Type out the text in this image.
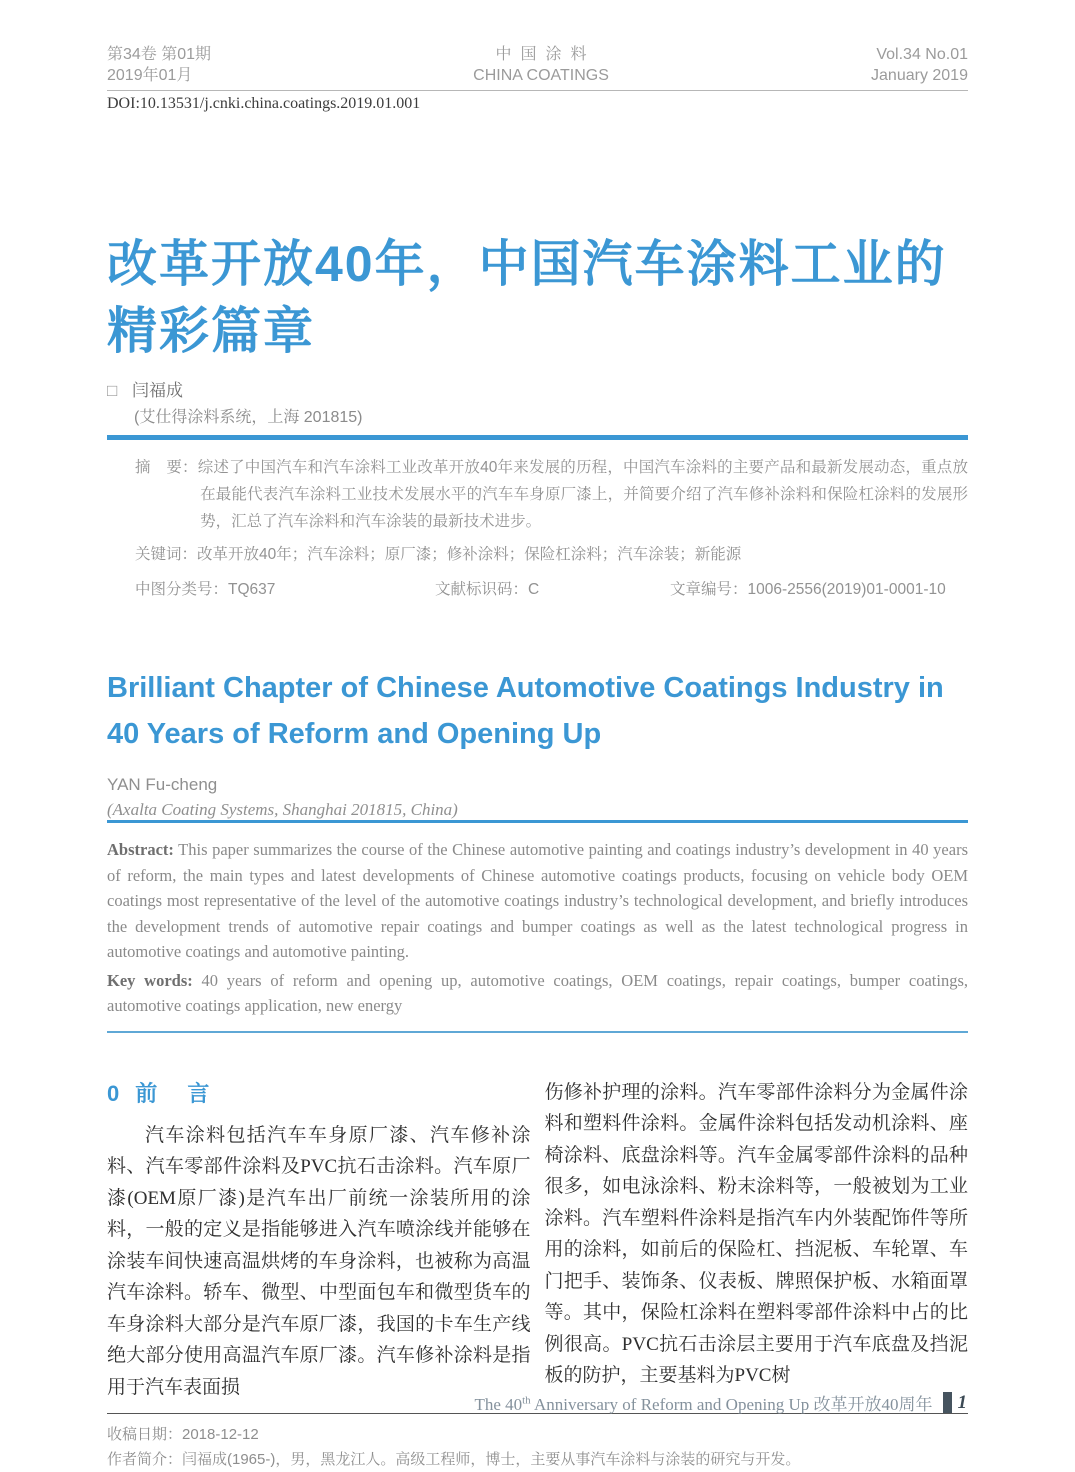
第34卷 第01期
2019年01月
中国涂料
CHINA COATINGS
Vol.34 No.01
January 2019
DOI:10.13531/j.cnki.china.coatings.2019.01.001
改革开放40年，中国汽车涂料工业的
精彩篇章
□ 闫福成
(艾仕得涂料系统，上海 201815)
摘　要：综述了中国汽车和汽车涂料工业改革开放40年来发展的历程，中国汽车涂料的主要产品和最新发展动态，重点放在最能代表汽车涂料工业技术发展水平的汽车车身原厂漆上，并简要介绍了汽车修补涂料和保险杠涂料的发展形势，汇总了汽车涂料和汽车涂装的最新技术进步。
关键词：改革开放40年；汽车涂料；原厂漆；修补涂料；保险杠涂料；汽车涂装；新能源
中图分类号：TQ637	文献标识码：C	文章编号：1006-2556(2019)01-0001-10
Brilliant Chapter of Chinese Automotive Coatings Industry in 40 Years of Reform and Opening Up
YAN Fu-cheng
(Axalta Coating Systems, Shanghai 201815, China)
Abstract: This paper summarizes the course of the Chinese automotive painting and coatings industry’s development in 40 years of reform, the main types and latest developments of Chinese automotive coatings products, focusing on vehicle body OEM coatings most representative of the level of the automotive coatings industry’s technological development, and briefly introduces the development trends of automotive repair coatings and bumper coatings as well as the latest technological progress in automotive coatings and automotive painting.
Key words: 40 years of reform and opening up, automotive coatings, OEM coatings, repair coatings, bumper coatings, automotive coatings application, new energy
0 前 言
汽车涂料包括汽车车身原厂漆、汽车修补涂料、汽车零部件涂料及PVC抗石击涂料。汽车原厂漆(OEM原厂漆)是汽车出厂前统一涂装所用的涂料，一般的定义是指能够进入汽车喷涂线并能够在涂装车间快速高温烘烤的车身涂料，也被称为高温汽车涂料。轿车、微型、中型面包车和微型货车的车身涂料大部分是汽车原厂漆，我国的卡车生产线绝大部分使用高温汽车原厂漆。汽车修补涂料是指用于汽车表面损
伤修补护理的涂料。汽车零部件涂料分为金属件涂料和塑料件涂料。金属件涂料包括发动机涂料、座椅涂料、底盘涂料等。汽车金属零部件涂料的品种很多，如电泳涂料、粉末涂料等，一般被划为工业涂料。汽车塑料件涂料是指汽车内外装配饰件等所用的涂料，如前后的保险杠、挡泥板、车轮罩、车门把手、装饰条、仪表板、牌照保护板、水箱面罩等。其中，保险杠涂料在塑料零部件涂料中占的比例很高。PVC抗石击涂层主要用于汽车底盘及挡泥板的防护，主要基料为PVC树
收稿日期：2018-12-12
作者简介：闫福成(1965-)，男，黑龙江人。高级工程师，博士，主要从事汽车涂料与涂装的研究与开发。
The 40th Anniversary of Reform and Opening Up 改革开放40周年 1
